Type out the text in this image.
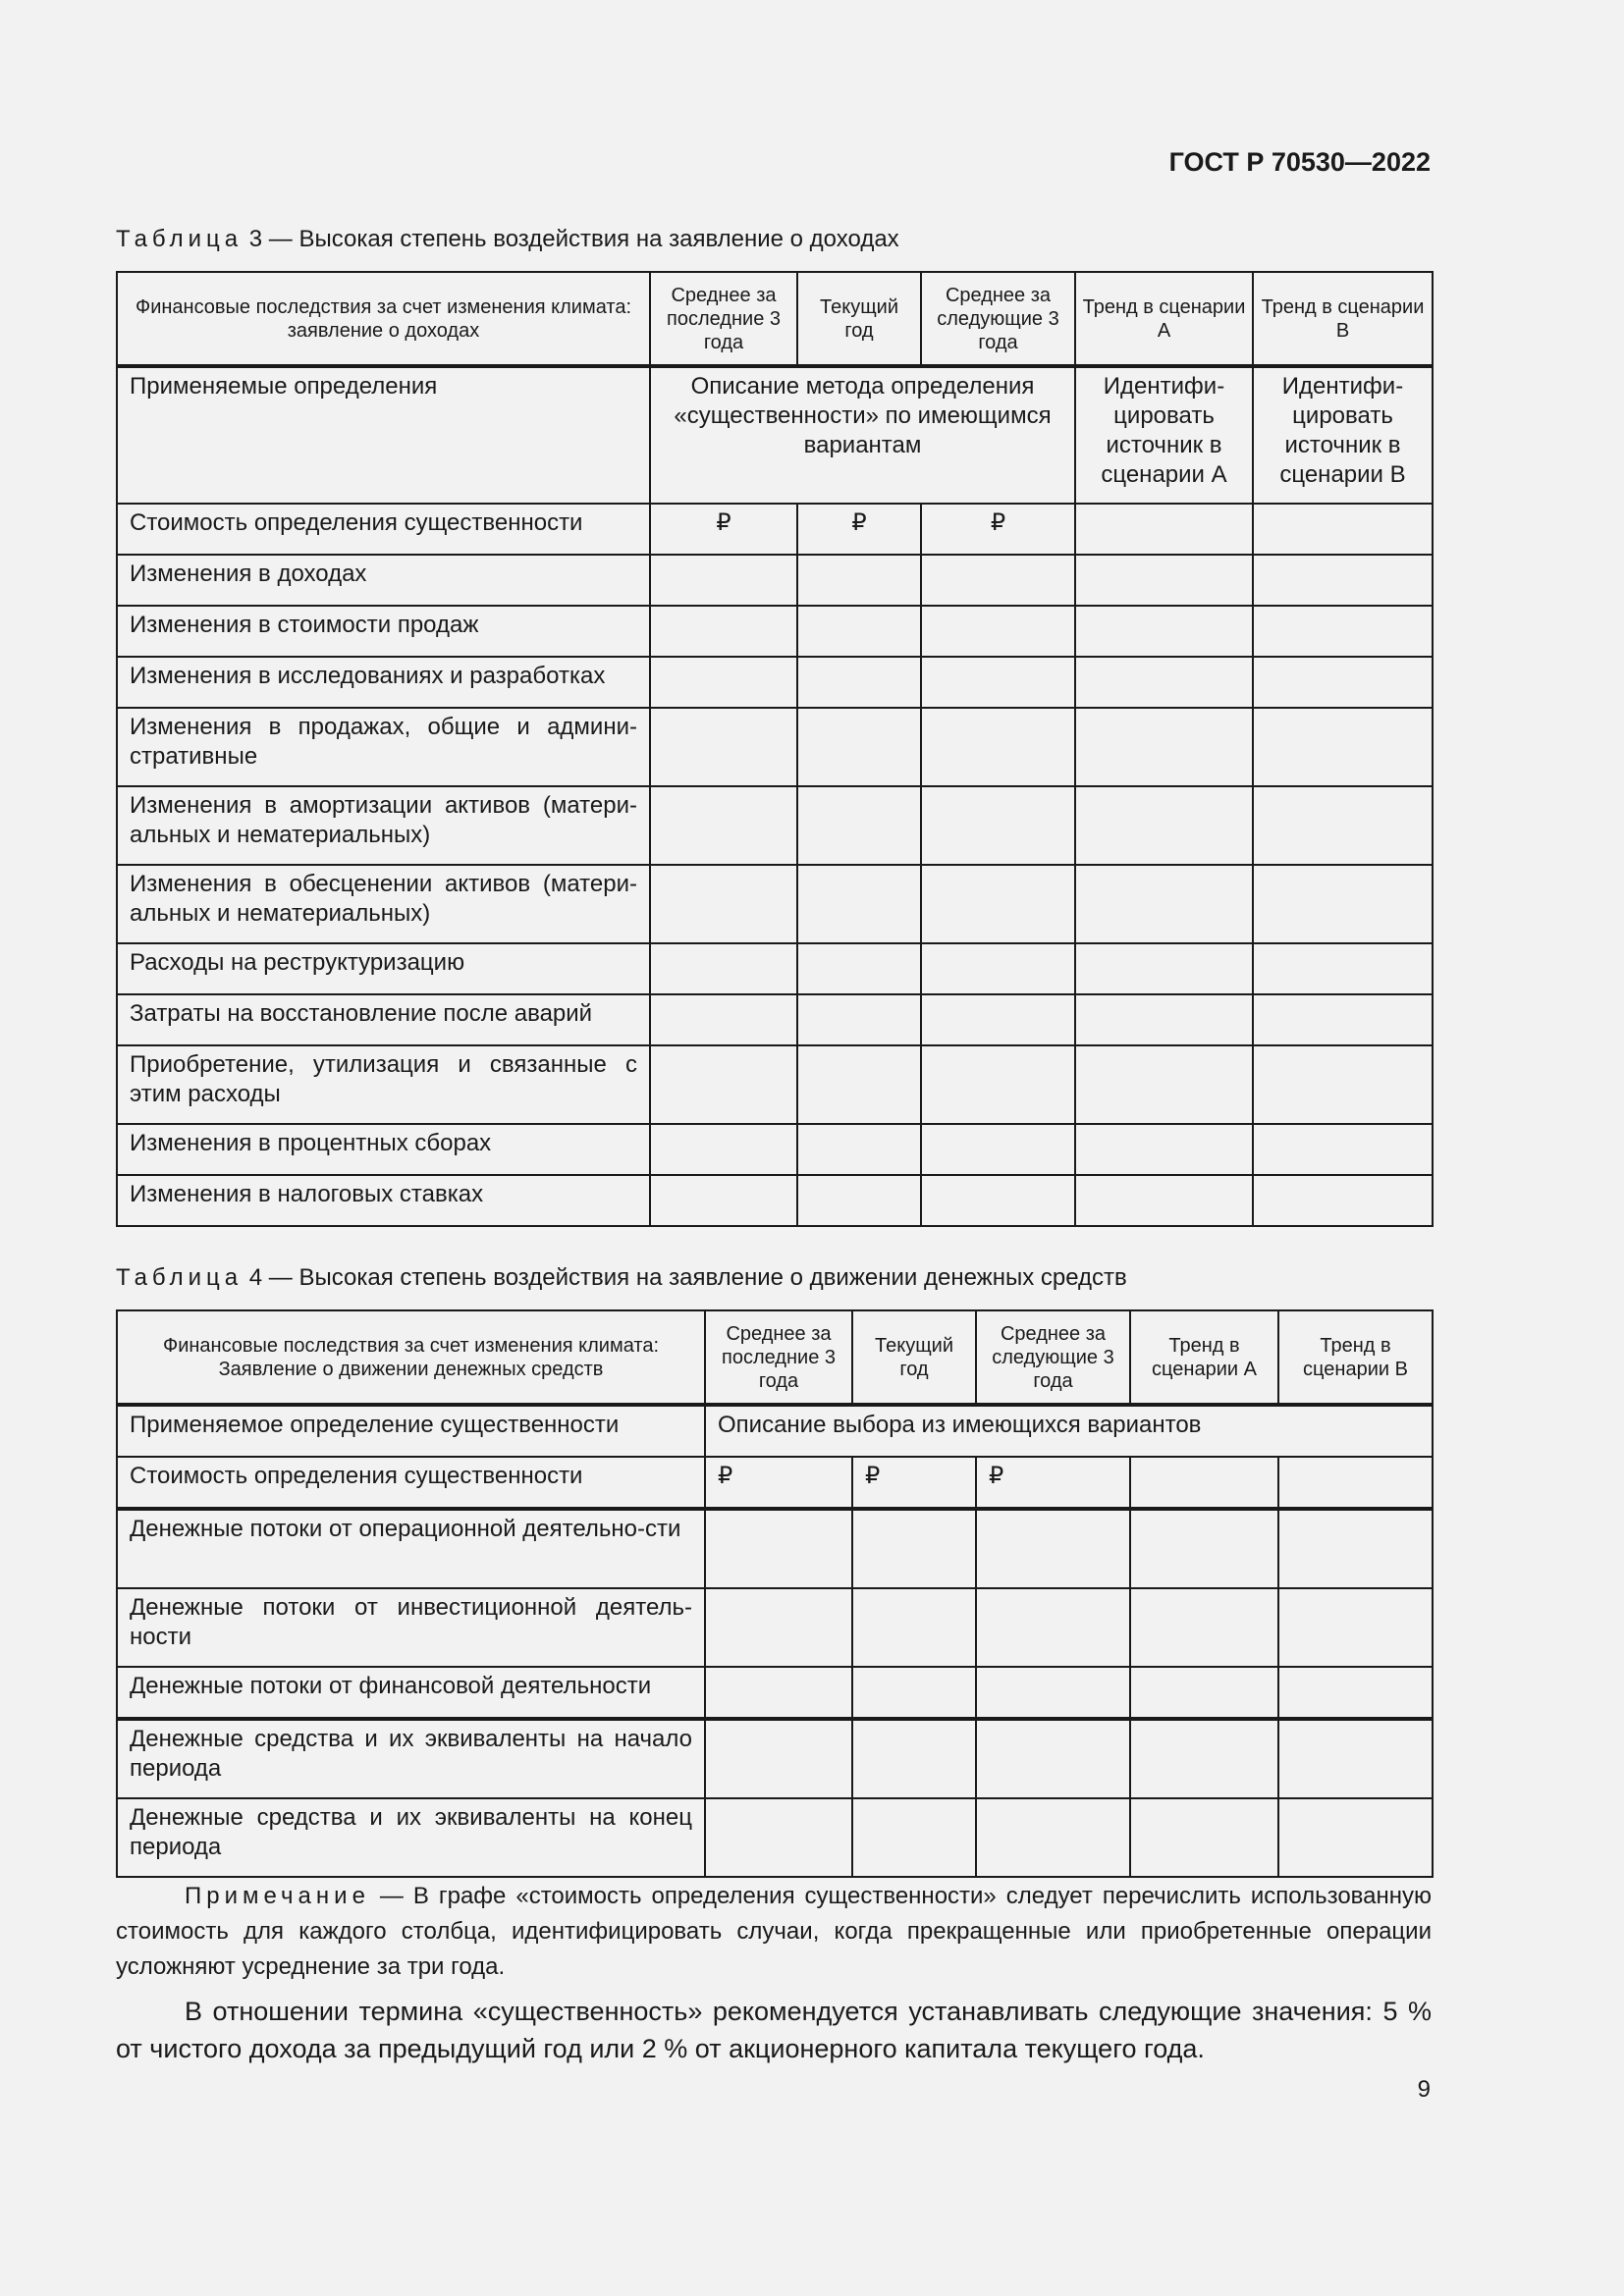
ГОСТ Р 70530—2022
Таблица 3 — Высокая степень воздействия на заявление о доходах
Финансовые последствия за счет изменения климата: заявление о доходах	Среднее за последние 3 года	Текущий год	Среднее за следующие 3 года	Тренд в сценарии A	Тренд в сценарии B
Применяемые определения	Описание метода определения «существенности» по имеющимся вариантам			Идентифи-цировать источник в сценарии A	Идентифи-цировать источник в сценарии B
Стоимость определения существенности	₽	₽	₽		
Изменения в доходах					
Изменения в стоимости продаж					
Изменения в исследованиях и разработках					
Изменения в продажах, общие и админи-стративные					
Изменения в амортизации активов (матери-альных и нематериальных)					
Изменения в обесценении активов (матери-альных и нематериальных)					
Расходы на реструктуризацию					
Затраты на восстановление после аварий					
Приобретение, утилизация и связанные с этим расходы					
Изменения в процентных сборах					
Изменения в налоговых ставках					
Таблица 4 — Высокая степень воздействия на заявление о движении денежных средств
Финансовые последствия за счет изменения климата: Заявление о движении денежных средств	Среднее за последние 3 года	Текущий год	Среднее за следующие 3 года	Тренд в сценарии A	Тренд в сценарии B
Применяемое определение существенности	Описание выбора из имеющихся вариантов				
Стоимость определения существенности	₽	₽	₽		
Денежные потоки от операционной деятельно-сти					
Денежные потоки от инвестиционной деятель-ности					
Денежные потоки от финансовой деятельности					
Денежные средства и их эквиваленты на начало периода					
Денежные средства и их эквиваленты на конец периода					
Примечание — В графе «стоимость определения существенности» следует перечислить использованную стоимость для каждого столбца, идентифицировать случаи, когда прекращенные или приобретенные операции усложняют усреднение за три года.
В отношении термина «существенность» рекомендуется устанавливать следующие значения: 5 % от чистого дохода за предыдущий год или 2 % от акционерного капитала текущего года.
9
